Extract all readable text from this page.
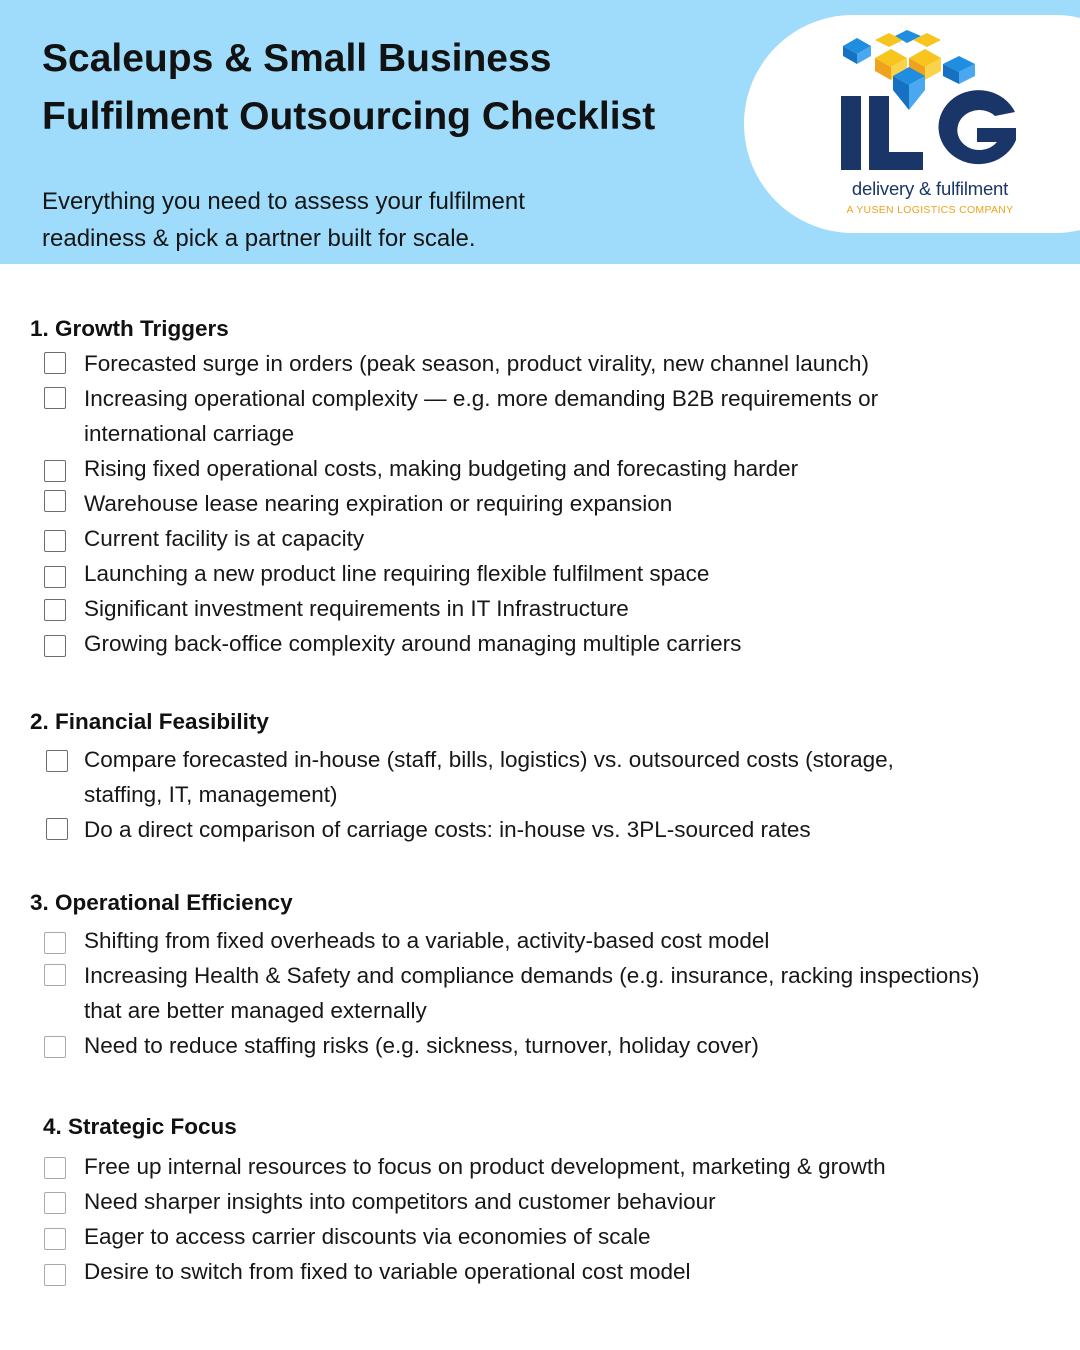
Scaleups & Small Business
Fulfilment Outsourcing Checklist

Everything you need to assess your fulfilment
readiness & pick a partner built for scale.

delivery & fulfilment
A YUSEN LOGISTICS COMPANY
1. Growth Triggers

Forecasted surge in orders (peak season, product virality, new channel launch)

Increasing operational complexity — e.g. more demanding B2B requirements or
international carriage

Rising fixed operational costs, making budgeting and forecasting harder

Warehouse lease nearing expiration or requiring expansion

Current facility is at capacity

Launching a new product line requiring flexible fulfilment space

Significant investment requirements in IT Infrastructure

Growing back-office complexity around managing multiple carriers

2. Financial Feasibility

Compare forecasted in-house (staff, bills, logistics) vs. outsourced costs (storage,
staffing, IT, management)

Do a direct comparison of carriage costs: in-house vs. 3PL-sourced rates

3. Operational Efficiency

Shifting from fixed overheads to a variable, activity-based cost model

Increasing Health & Safety and compliance demands (e.g. insurance, racking inspections)
that are better managed externally

Need to reduce staffing risks (e.g. sickness, turnover, holiday cover)

4. Strategic Focus

Free up internal resources to focus on product development, marketing & growth

Need sharper insights into competitors and customer behaviour

Eager to access carrier discounts via economies of scale

Desire to switch from fixed to variable operational cost model
